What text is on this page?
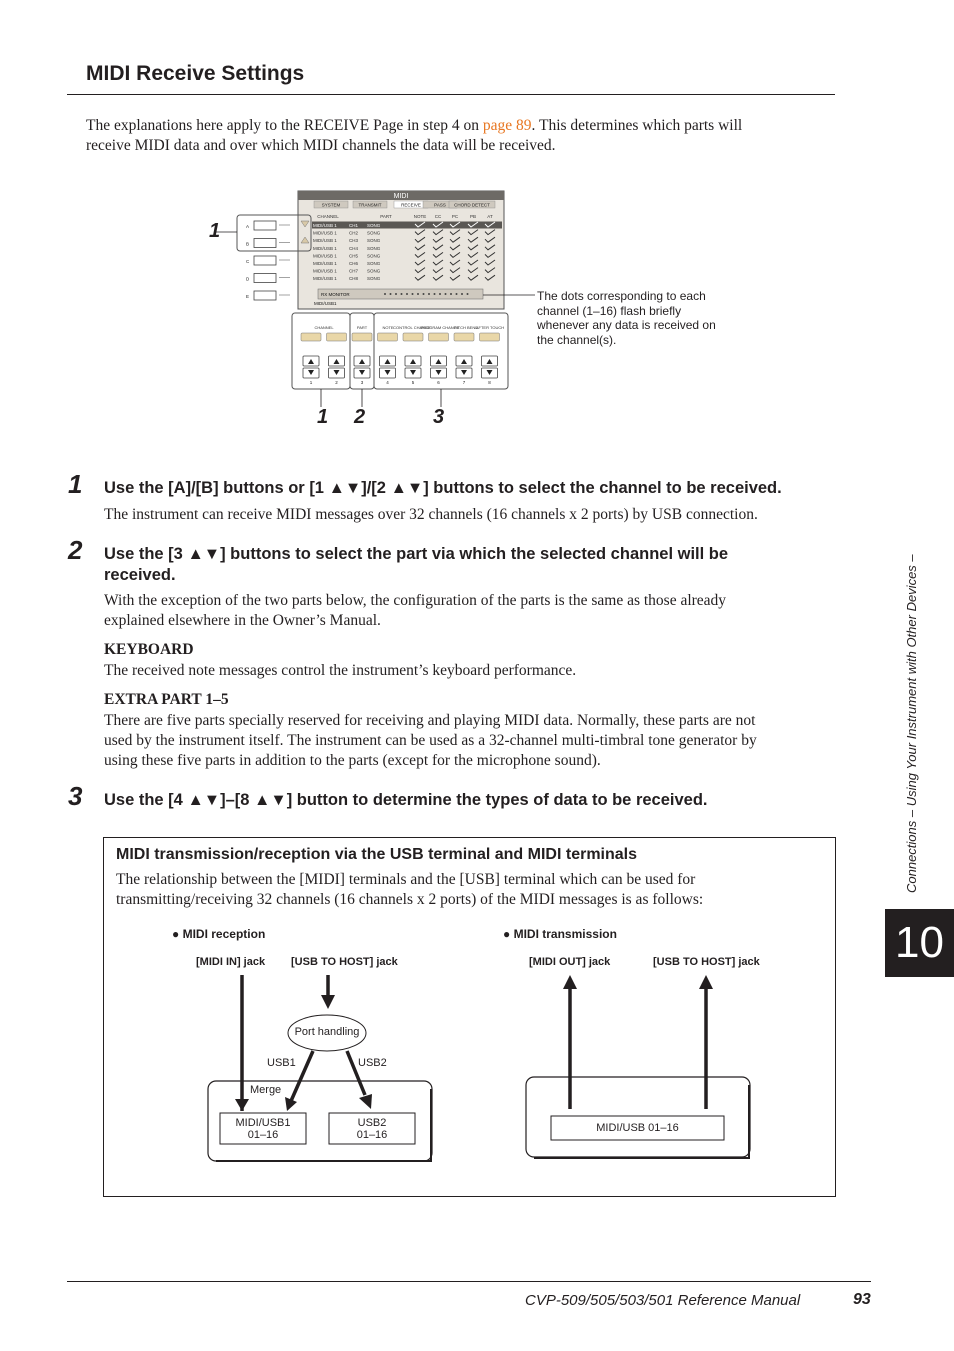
MIDI Receive Settings
The explanations here apply to the RECEIVE Page in step 4 on page 89. This determines which parts will
receive MIDI data and over which MIDI channels the data will be received.
MIDI
SYSTEM	TRANSMIT	RECEIVE	PASS CHORD DETECT
CHANNEL	PART	NOTE CC PC	PB	AT
MIDI/USB 1	CH1 SONG
MIDI/USB 1	CH2 SONG
MIDI/USB 1	CH3 SONG
MIDI/USB 1	CH4 SONG
MIDI/USB 1	CH5 SONG
MIDI/USB 1	CH6 SONG
MIDI/USB 1	CH7 SONG
MIDI/USB 1	CH8 SONG
RX MONITOR
MIDI/USB1
A
B
C
D
E
CHANNEL	PART	NOTE CONTROL CHANGE
PROGRAM CHANGE
PITCH BEND
AFTER TOUCH
1	2	3	4	5	6	7	8
1
1 2	3
The dots corresponding to each
channel (1–16) flash briefly
whenever any data is received on
the channel(s).
1 Use the [A]/[B] buttons or [1 ▲▼]/[2 ▲▼] buttons to select the channel to be received.
The instrument can receive MIDI messages over 32 channels (16 channels x 2 ports) by USB connection.
2 Use the [3 ▲▼] buttons to select the part via which the selected channel will be
received.
With the exception of the two parts below, the configuration of the parts is the same as those already
explained elsewhere in the Owner’s Manual.
KEYBOARD
The received note messages control the instrument’s keyboard performance.
EXTRA PART 1–5
There are five parts specially reserved for receiving and playing MIDI data. Normally, these parts are not
used by the instrument itself. The instrument can be used as a 32-channel multi-timbral tone generator by
using these five parts in addition to the parts (except for the microphone sound).
3 Use the [4 ▲▼]–[8 ▲▼] button to determine the types of data to be received.
MIDI transmission/reception via the USB terminal and MIDI terminals
The relationship between the [MIDI] terminals and the [USB] terminal which can be used for
transmitting/receiving 32 channels (16 channels x 2 ports) of the MIDI messages is as follows:
● MIDI reception
[MIDI IN] jack [USB TO HOST] jack
Port handling
USB1	USB2
Merge
MIDI/USB1
01–16
USB2
01–16
● MIDI transmission
[MIDI OUT] jack	[USB TO HOST] jack
MIDI/USB 01–16
Connections – Using Your Instrument with Other Devices –
10
CVP-509/505/503/501 Reference Manual	93
